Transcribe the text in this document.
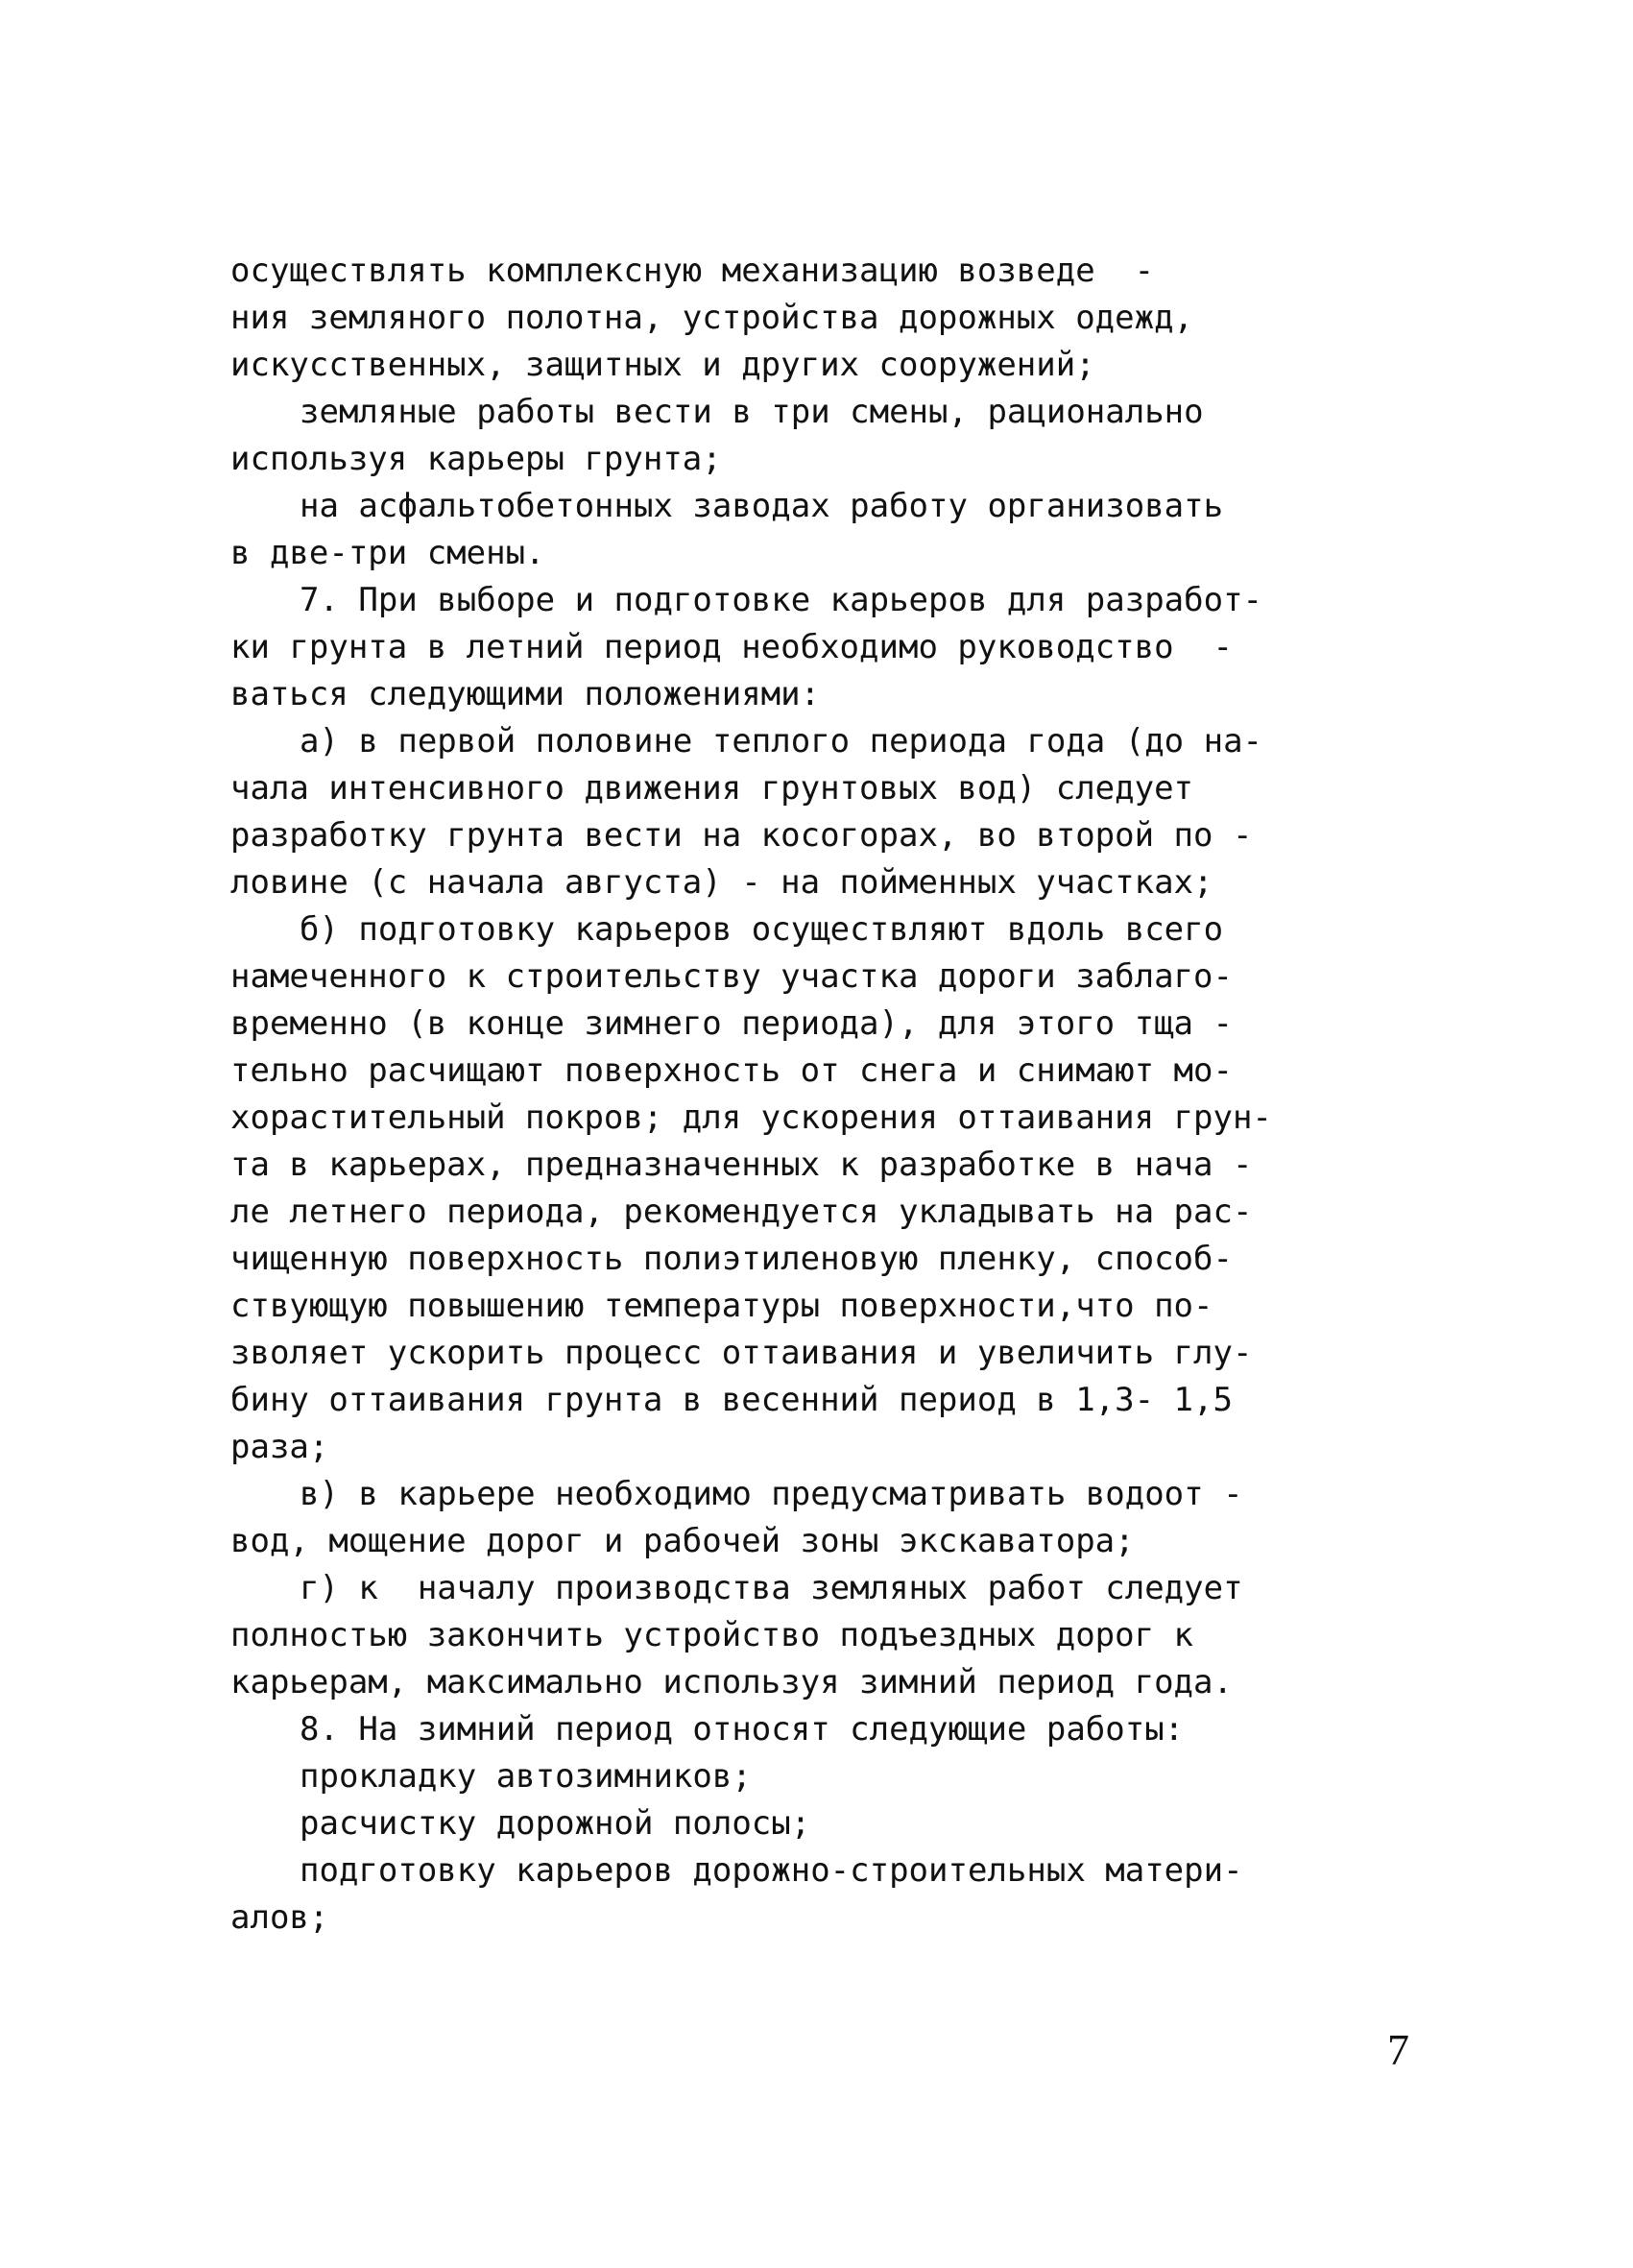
осуществлять комплексную механизацию возведе  -
ния земляного полотна, устройства дорожных одежд,
искусственных, защитных и других сооружений;
земляные работы вести в три смены, рационально
используя карьеры грунта;
на асфальтобетонных заводах работу организовать
в две-три смены.
7. При выборе и подготовке карьеров для разработ-
ки грунта в летний период необходимо руководство  -
ваться следующими положениями:
а) в первой половине теплого периода года (до на-
чала интенсивного движения грунтовых вод) следует
разработку грунта вести на косогорах, во второй по -
ловине (с начала августа) - на пойменных участках;
б) подготовку карьеров осуществляют вдоль всего
намеченного к строительству участка дороги заблаго-
временно (в конце зимнего периода), для этого тща -
тельно расчищают поверхность от снега и снимают мо-
хорастительный покров; для ускорения оттаивания грун-
та в карьерах, предназначенных к разработке в нача -
ле летнего периода, рекомендуется укладывать на рас-
чищенную поверхность полиэтиленовую пленку, способ-
ствующую повышению температуры поверхности,что по-
зволяет ускорить процесс оттаивания и увеличить глу-
бину оттаивания грунта в весенний период в 1,3- 1,5
раза;
в) в карьере необходимо предусматривать водоот -
вод, мощение дорог и рабочей зоны экскаватора;
г) к  началу производства земляных работ следует
полностью закончить устройство подъездных дорог к
карьерам, максимально используя зимний период года.
8. На зимний период относят следующие работы:
прокладку автозимников;
расчистку дорожной полосы;
подготовку карьеров дорожно-строительных матери-
алов;
7
